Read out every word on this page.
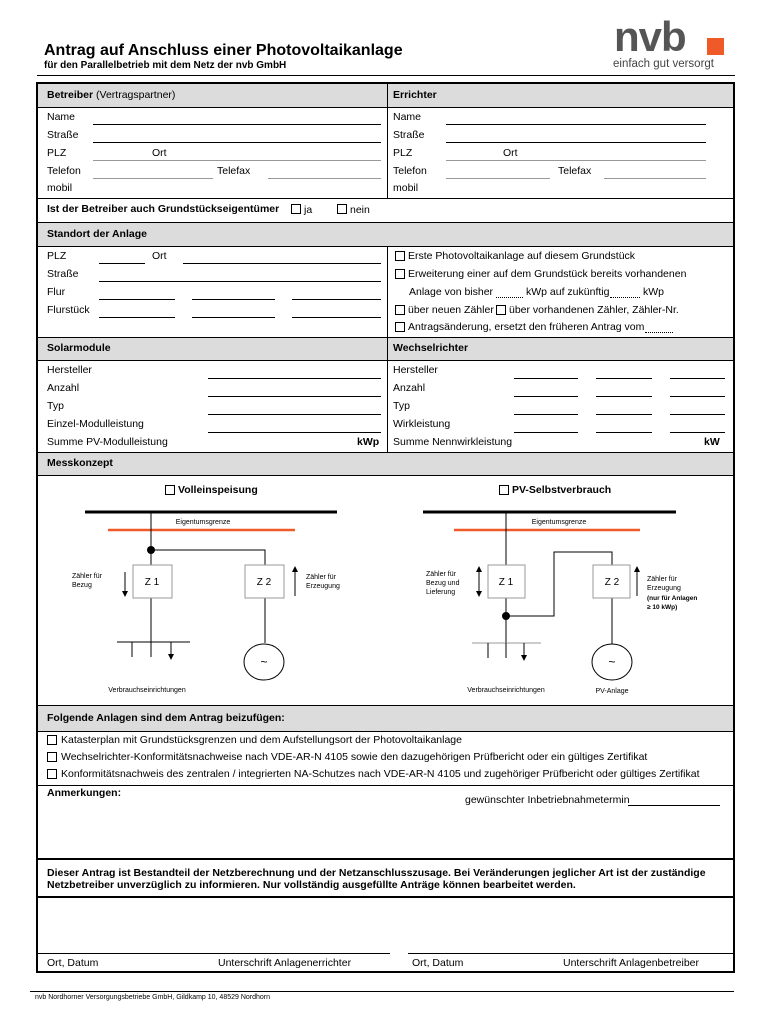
Antrag auf Anschluss einer Photovoltaikanlage
für den Parallelbetrieb mit dem Netz der nvb GmbH
nvb
einfach gut versorgt
Betreiber (Vertragspartner)
Name
Straße
PLZ	Ort
Telefon	Telefax
mobil
Errichter
Name
Straße
PLZ	Ort
Telefon	Telefax
mobil
Ist der Betreiber auch Grundstückseigentümer ja	nein
Standort der Anlage
PLZ	Ort
Straße
Flur
Flurstück
Erste Photovoltaikanlage auf diesem Grundstück
Erweiterung einer auf dem Grundstück bereits vorhandenen
Anlage von bisher	kWp auf zukünftig	kWp
über neuen Zähler über vorhandenen Zähler, Zähler-Nr.
Antragsänderung, ersetzt den früheren Antrag vom
Solarmodule
Hersteller
Anzahl
Typ
Einzel-Modulleistung
Summe PV-Modulleistung	kWp
Wechselrichter
Hersteller
Anzahl
Typ
Wirkleistung
Summe Nennwirkleistung	kW
Messkonzept
Volleinspeisung	PV-Selbstverbrauch
Eigentumsgrenze
Z 1	Z 2
Zähler für
Bezug
Zähler für
Erzeugung
~
Verbrauchseinrichtungen
Eigentumsgrenze
Z 1	Z 2
Zähler für
Bezug und
Lieferung
Zähler für
Erzeugung
(nur für Anlagen
≥ 10 kWp)
~
Verbrauchseinrichtungen	PV-Anlage
Folgende Anlagen sind dem Antrag beizufügen:
Katasterplan mit Grundstücksgrenzen und dem Aufstellungsort der Photovoltaikanlage
Wechselrichter-Konformitätsnachweise nach VDE-AR-N 4105 sowie den dazugehörigen Prüfbericht oder ein gültiges Zertifikat
Konformitätsnachweis des zentralen / integrierten NA-Schutzes nach VDE-AR-N 4105 und zugehöriger Prüfbericht oder gültiges Zertifikat
Anmerkungen:
gewünschter Inbetriebnahmetermin
Dieser Antrag ist Bestandteil der Netzberechnung und der Netzanschlusszusage. Bei Veränderungen jeglicher Art ist der zuständige
Netzbetreiber unverzüglich zu informieren. Nur vollständig ausgefüllte Anträge können bearbeitet werden.
Ort, Datum	Unterschrift Anlagenerrichter	Ort, Datum	Unterschrift Anlagenbetreiber
nvb Nordhorner Versorgungsbetriebe GmbH, Gildkamp 10, 48529 Nordhorn
